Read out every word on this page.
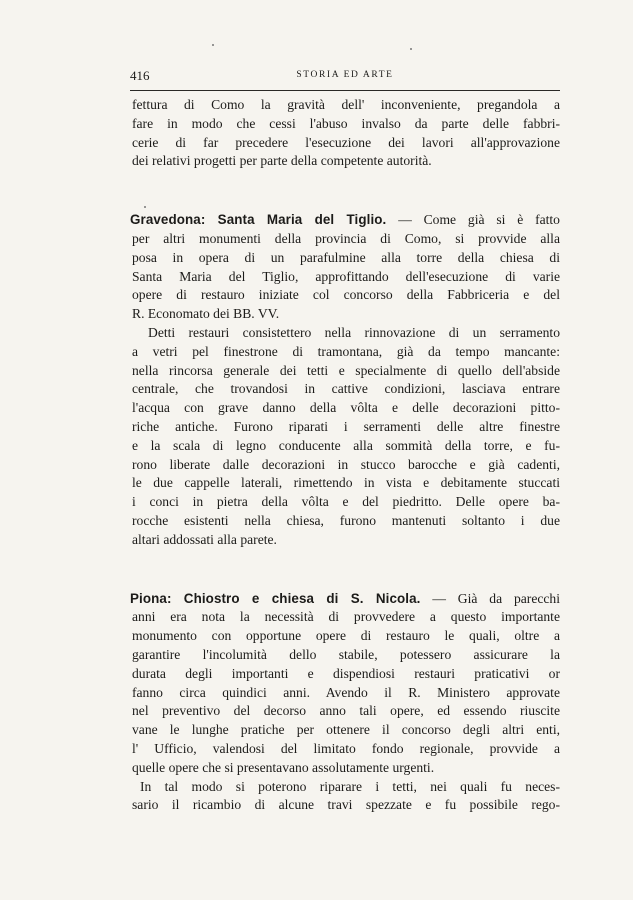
416	STORIA ED ARTE

fettura di Como la gravità dell' inconveniente, pregandola a

fare in modo che cessi l'abuso invalso da parte delle fabbri-

cerie di far precedere l'esecuzione dei lavori all'approvazione

dei relativi progetti per parte della competente autorità.

Gravedona: Santa Maria del Tiglio. — Come già si è fatto

per altri monumenti della provincia di Como, si provvide alla

posa in opera di un parafulmine alla torre della chiesa di

Santa Maria del Tiglio, approfittando dell'esecuzione di varie

opere di restauro iniziate col concorso della Fabbriceria e del

R. Economato dei BB. VV.

Detti restauri consistettero nella rinnovazione di un serramento

a vetri pel finestrone di tramontana, già da tempo mancante:

nella rincorsa generale dei tetti e specialmente di quello dell'abside

centrale, che trovandosi in cattive condizioni, lasciava entrare

l'acqua con grave danno della vôlta e delle decorazioni pitto-

riche antiche. Furono riparati i serramenti delle altre finestre

e la scala di legno conducente alla sommità della torre, e fu-

rono liberate dalle decorazioni in stucco barocche e già cadenti,

le due cappelle laterali, rimettendo in vista e debitamente stuccati

i conci in pietra della vôlta e del piedritto. Delle opere ba-

rocche esistenti nella chiesa, furono mantenuti soltanto i due

altari addossati alla parete.

Piona: Chiostro e chiesa di S. Nicola. — Già da parecchi

anni era nota la necessità di provvedere a questo importante

monumento con opportune opere di restauro le quali, oltre a

garantire l'incolumità dello stabile, potessero assicurare la

durata degli importanti e dispendiosi restauri praticativi or

fanno circa quindici anni. Avendo il R. Ministero approvate

nel preventivo del decorso anno tali opere, ed essendo riuscite

vane le lunghe pratiche per ottenere il concorso degli altri enti,

l' Ufficio, valendosi del limitato fondo regionale, provvide a

quelle opere che si presentavano assolutamente urgenti.

In tal modo si poterono riparare i tetti, nei quali fu neces-

sario il ricambio di alcune travi spezzate e fu possibile rego-
